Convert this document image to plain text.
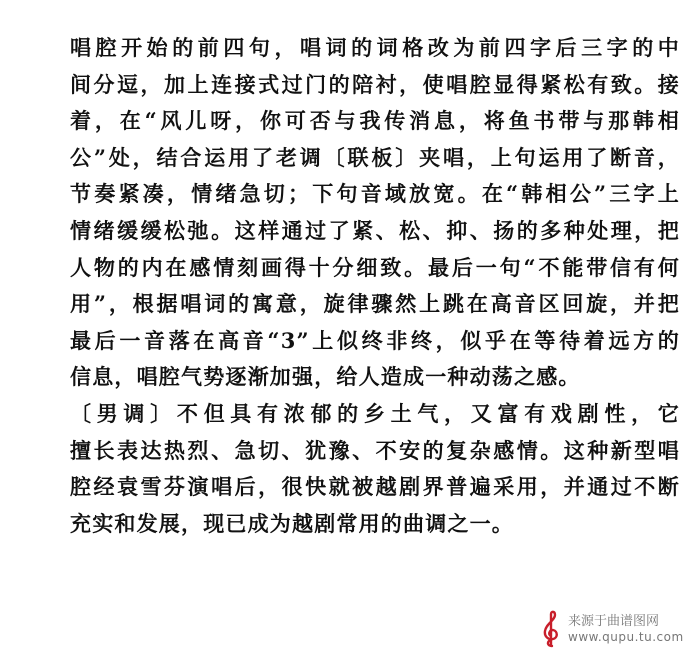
唱腔开始的前四句，唱词的词格改为前四字后三字的中
间分逗，加上连接式过门的陪衬，使唱腔显得紧松有致。接
着，在“风儿呀，你可否与我传消息，将鱼书带与那韩相
公”处，结合运用了老调〔联板〕夹唱，上句运用了断音，
节奏紧凑，情绪急切；下句音域放宽。在“韩相公”三字上
情绪缓缓松弛。这样通过了紧、松、抑、扬的多种处理，把
人物的内在感情刻画得十分细致。最后一句“不能带信有何
用”，根据唱词的寓意，旋律骤然上跳在高音区回旋，并把
最后一音落在高音“3”上似终非终，似乎在等待着远方的
信息，唱腔气势逐渐加强，给人造成一种动荡之感。
〔男调〕不但具有浓郁的乡土气，又富有戏剧性，它
擅长表达热烈、急切、犹豫、不安的复杂感情。这种新型唱
腔经袁雪芬演唱后，很快就被越剧界普遍采用，并通过不断
充实和发展，现已成为越剧常用的曲调之一。
来源于曲谱图网
www.qupu.tu.com
